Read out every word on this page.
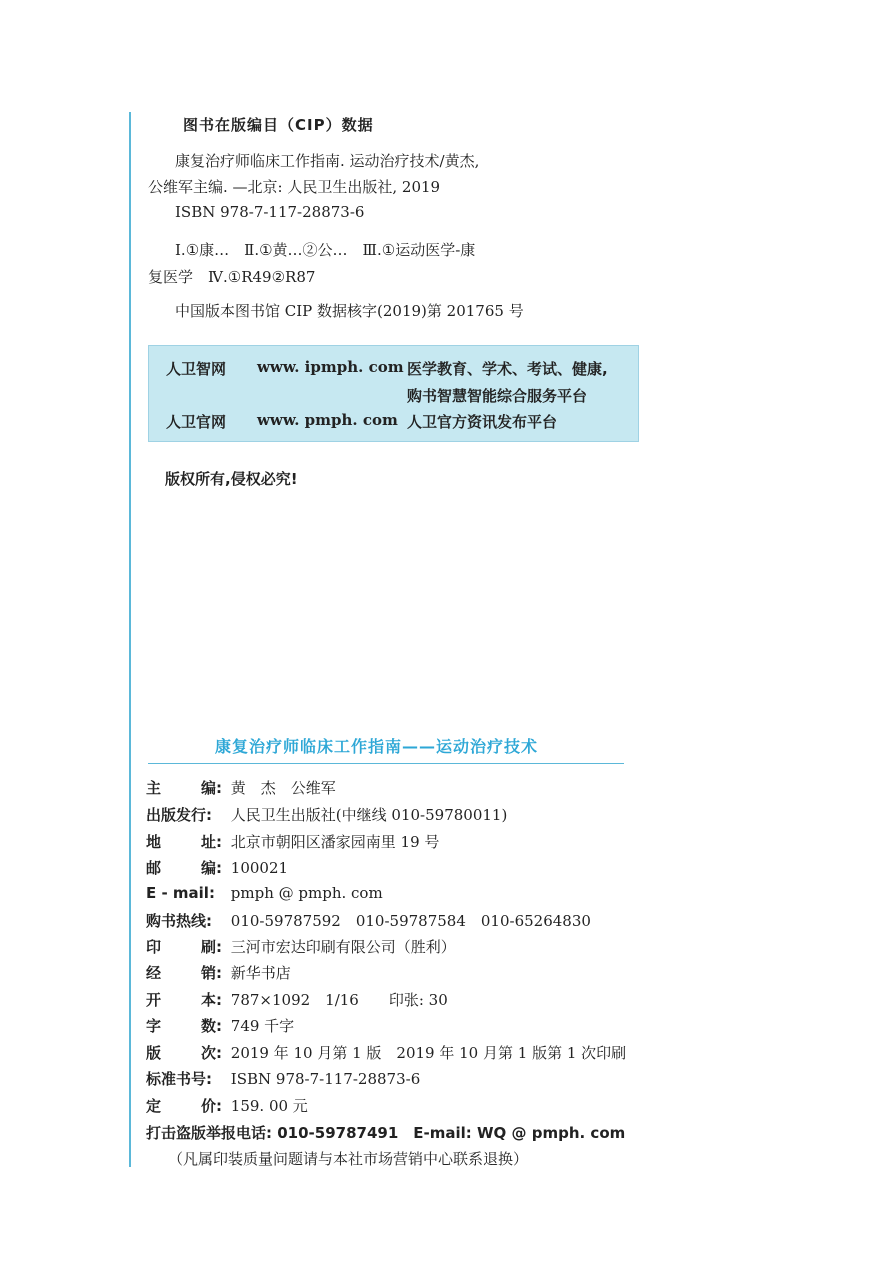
图书在版编目（CIP）数据
康复治疗师临床工作指南. 运动治疗技术/黄杰,
公维军主编. —北京: 人民卫生出版社, 2019
ISBN 978-7-117-28873-6
Ⅰ.①康…　Ⅱ.①黄…②公…　Ⅲ.①运动医学-康
复医学　Ⅳ.①R49②R87
中国版本图书馆 CIP 数据核字(2019)第 201765 号
人卫智网 www. ipmph. com 医学教育、学术、考试、健康,
购书智慧智能综合服务平台
人卫官网 www. pmph. com 人卫官方资讯发布平台
版权所有,侵权必究!
康复治疗师临床工作指南——运动治疗技术
主	编 : 黄　杰　公维军
出版发行: 人民卫生出版社(中继线 010-59780011)
地	址 : 北京市朝阳区潘家园南里 19 号
邮	编 : 100021
E - mail: pmph @ pmph. com
购书热线: 010-59787592　010-59787584　010-65264830
印	刷 : 三河市宏达印刷有限公司（胜利）
经	销 : 新华书店
开	本 : 787×1092　1/16　　印张: 30
字	数 : 749 千字
版	次 : 2019 年 10 月第 1 版　2019 年 10 月第 1 版第 1 次印刷
标准书号: ISBN 978-7-117-28873-6
定	价 : 159. 00 元
打击盗版举报电话: 010-59787491　E-mail: WQ @ pmph. com
（凡属印装质量问题请与本社市场营销中心联系退换）
